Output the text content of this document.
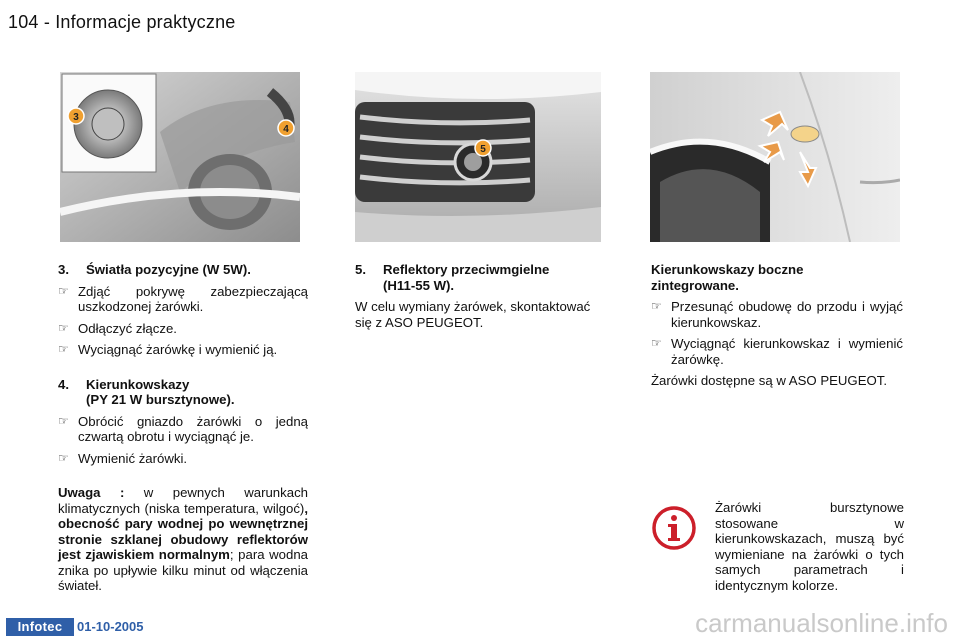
104 - Informacje praktyczne
3
4
5

3. Światła pozycyjne (W 5W).

☞ Zdjąć pokrywę zabezpieczającą uszkodzonej żarówki.

☞ Odłączyć złącze.

☞ Wyciągnąć żarówkę i wymienić ją.

4. Kierunkowskazy

(PY 21 W bursztynowe).

☞ Obrócić gniazdo żarówki o jedną czwartą obrotu i wyciągnąć je.

☞ Wymienić żarówki.

Uwaga : w pewnych warunkach klimatycznych (niska temperatura, wilgoć), obecność pary wodnej po wewnętrznej stronie szklanej obudowy reflektorów jest zjawiskiem normalnym; para wodna znika po upływie kilku minut od włączenia świateł.

5. Reflektory przeciwmgielne

(H11-55 W).

W celu wymiany żarówek, skontaktować się z ASO PEUGEOT.

Kierunkowskazy boczne

zintegrowane.

☞ Przesunąć obudowę do przodu i wyjąć kierunkowskaz.

☞ Wyciągnąć kierunkowskaz i wymienić żarówkę.

Żarówki dostępne są w ASO PEUGEOT.

Żarówki bursztynowe stosowane w kierunkowskazach, muszą być wymieniane na żarówki o tych samych parametrach i identycznym kolorze.

Infotec	01-10-2005	carmanualsonline.info
